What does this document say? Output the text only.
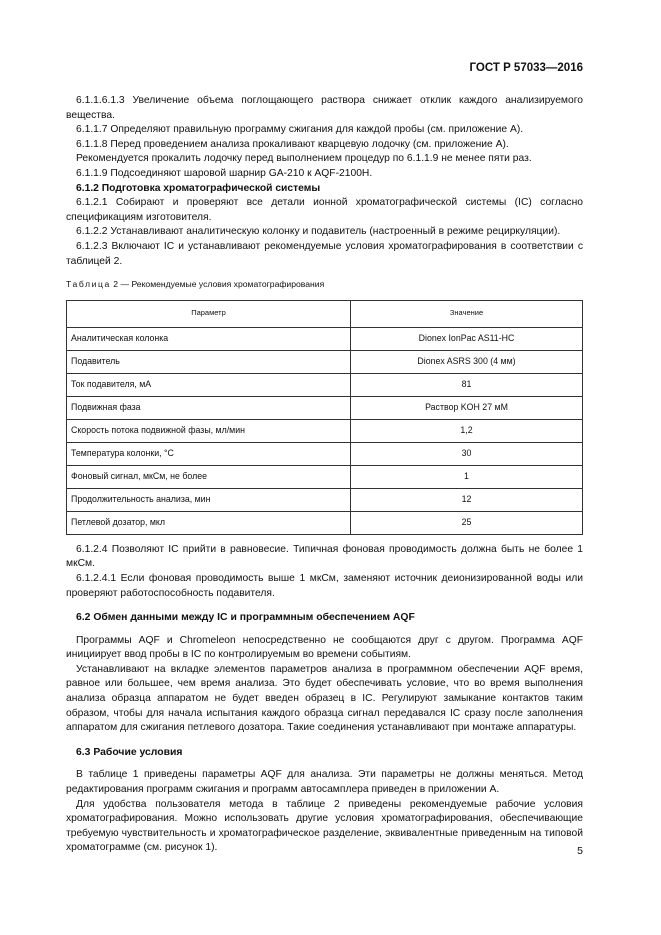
ГОСТ Р 57033—2016

6.1.1.6.1.3 Увеличение объема поглощающего раствора снижает отклик каждого анализируемого вещества.

6.1.1.7 Определяют правильную программу сжигания для каждой пробы (см. приложение А).

6.1.1.8 Перед проведением анализа прокаливают кварцевую лодочку (см. приложение А).

Рекомендуется прокалить лодочку перед выполнением процедур по 6.1.1.9 не менее пяти раз.

6.1.1.9 Подсоединяют шаровой шарнир GA-210 к AQF-2100H.

6.1.2 Подготовка хроматографической системы

6.1.2.1 Собирают и проверяют все детали ионной хроматографической системы (IC) согласно спецификациям изготовителя.

6.1.2.2 Устанавливают аналитическую колонку и подавитель (настроенный в режиме рециркуляции).

6.1.2.3 Включают IC и устанавливают рекомендуемые условия хроматографирования в соответствии с таблицей 2.

Таблица 2 — Рекомендуемые условия хроматографирования

Параметр	Значение
Аналитическая колонка	Dionex IonPac AS11-HC
Подавитель	Dionex ASRS 300 (4 мм)
Ток подавителя, мА	81
Подвижная фаза	Раствор KOH 27 мМ
Скорость потока подвижной фазы, мл/мин	1,2
Температура колонки, °C	30
Фоновый сигнал, мкСм, не более	1
Продолжительность анализа, мин	12
Петлевой дозатор, мкл	25

6.1.2.4 Позволяют IC прийти в равновесие. Типичная фоновая проводимость должна быть не более 1 мкСм.

6.1.2.4.1 Если фоновая проводимость выше 1 мкСм, заменяют источник деионизированной воды или проверяют работоспособность подавителя.

6.2 Обмен данными между IC и программным обеспечением AQF

Программы AQF и Chromeleon непосредственно не сообщаются друг с другом. Программа AQF инициирует ввод пробы в IC по контролируемым во времени событиям.

Устанавливают на вкладке элементов параметров анализа в программном обеспечении AQF время, равное или большее, чем время анализа. Это будет обеспечивать условие, что во время выполнения анализа образца аппаратом не будет введен образец в IC. Регулируют замыкание контактов таким образом, чтобы для начала испытания каждого образца сигнал передавался IC сразу после заполнения аппаратом для сжигания петлевого дозатора. Такие соединения устанавливают при монтаже аппаратуры.

6.3 Рабочие условия

В таблице 1 приведены параметры AQF для анализа. Эти параметры не должны меняться. Метод редактирования программ сжигания и программ автосамплера приведен в приложении А.

Для удобства пользователя метода в таблице 2 приведены рекомендуемые рабочие условия хроматографирования. Можно использовать другие условия хроматографирования, обеспечивающие требуемую чувствительность и хроматографическое разделение, эквивалентные приведенным на типовой хроматограмме (см. рисунок 1).	5
